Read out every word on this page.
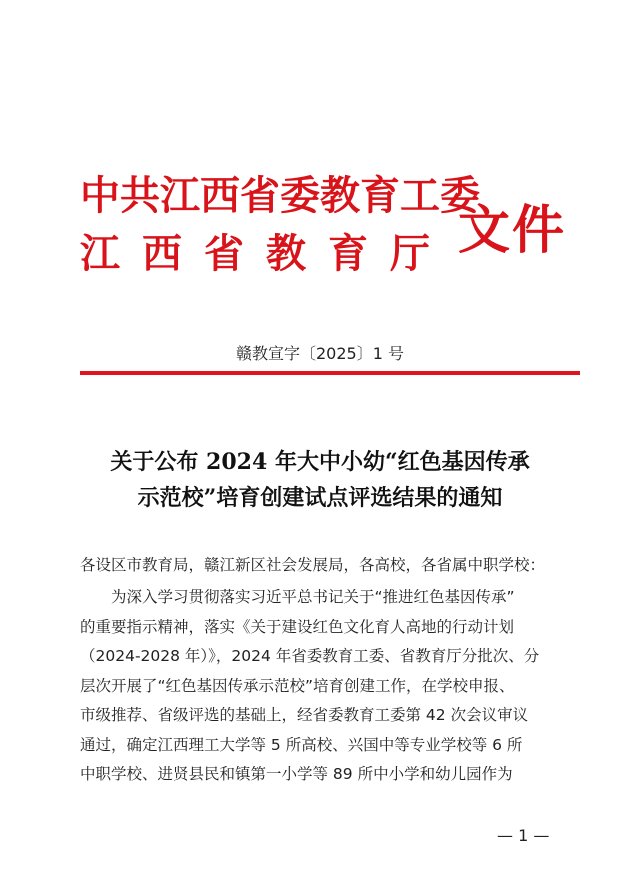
中共江西省委教育工委
江西省教育厅 文件
赣教宣字〔2025〕1 号
关于公布 2024 年大中小幼“红色基因传承
示范校”培育创建试点评选结果的通知
各设区市教育局，赣江新区社会发展局，各高校，各省属中职学校：
为深入学习贯彻落实习近平总书记关于“推进红色基因传承”
的重要指示精神，落实《关于建设红色文化育人高地的行动计划
（2024-2028 年）》，2024 年省委教育工委、省教育厅分批次、分
层次开展了“红色基因传承示范校”培育创建工作，在学校申报、
市级推荐、省级评选的基础上，经省委教育工委第 42 次会议审议
通过，确定江西理工大学等 5 所高校、兴国中等专业学校等 6 所
中职学校、进贤县民和镇第一小学等 89 所中小学和幼儿园作为
— 1 —
